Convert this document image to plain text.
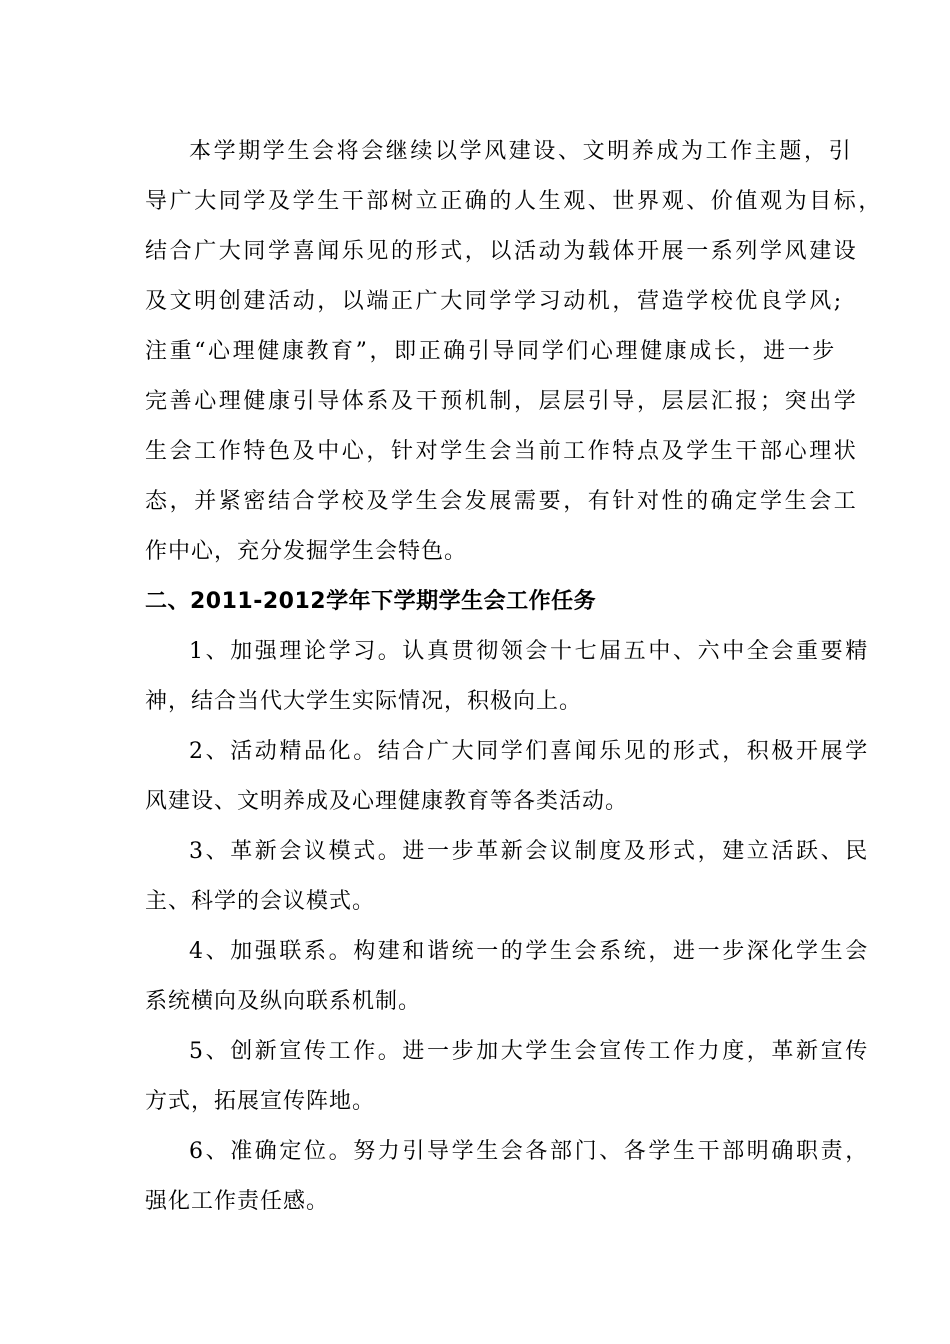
本学期学生会将会继续以学风建设、文明养成为工作主题，引
导广大同学及学生干部树立正确的人生观、世界观、价值观为目标，
结合广大同学喜闻乐见的形式，以活动为载体开展一系列学风建设
及文明创建活动，以端正广大同学学习动机，营造学校优良学风;
注重“心理健康教育”，即正确引导同学们心理健康成长，进一步
完善心理健康引导体系及干预机制，层层引导，层层汇报；突出学
生会工作特色及中心，针对学生会当前工作特点及学生干部心理状
态，并紧密结合学校及学生会发展需要，有针对性的确定学生会工
作中心，充分发掘学生会特色。
二、2011-2012学年下学期学生会工作任务
1、加强理论学习。认真贯彻领会十七届五中、六中全会重要精
神，结合当代大学生实际情况，积极向上。
2、活动精品化。结合广大同学们喜闻乐见的形式，积极开展学
风建设、文明养成及心理健康教育等各类活动。
3、革新会议模式。进一步革新会议制度及形式，建立活跃、民
主、科学的会议模式。
4、加强联系。构建和谐统一的学生会系统，进一步深化学生会
系统横向及纵向联系机制。
5、创新宣传工作。进一步加大学生会宣传工作力度，革新宣传
方式，拓展宣传阵地。
6、准确定位。努力引导学生会各部门、各学生干部明确职责，
强化工作责任感。
